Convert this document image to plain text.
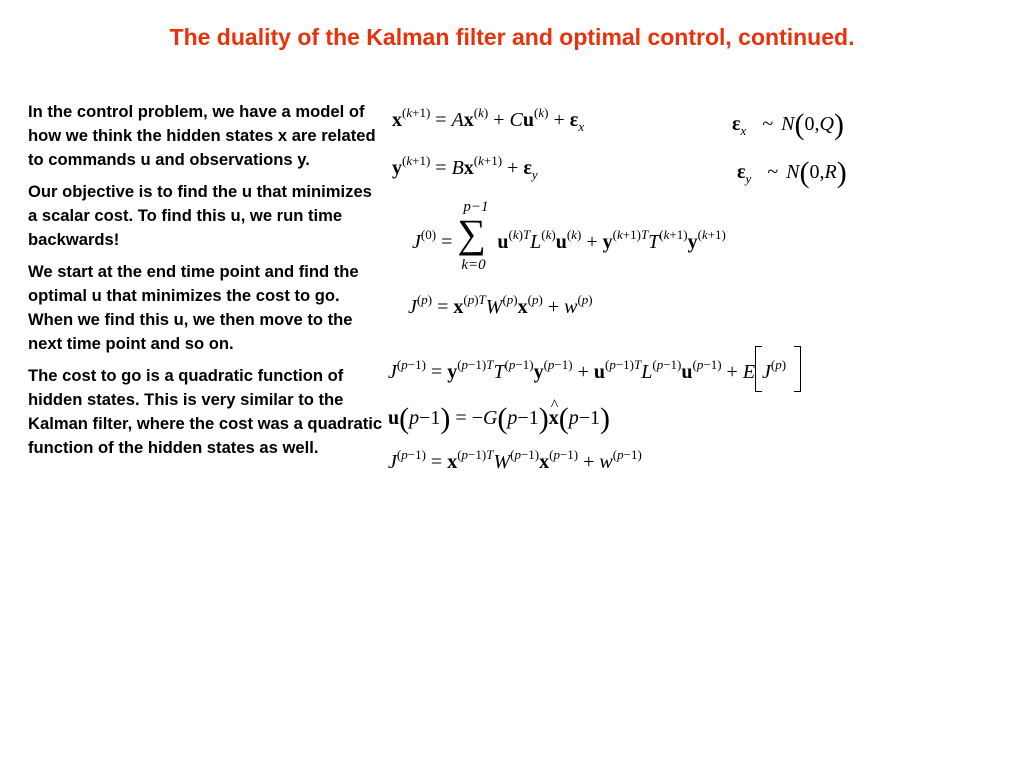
The duality of the Kalman filter and optimal control, continued.

In the control problem, we have a model of how we think the hidden states x are related to commands u and observations y.

Our objective is to find the u that minimizes a scalar cost. To find this u, we run time backwards!

We start at the end time point and find the optimal u that minimizes the cost to go. When we find this u, we then move to the next time point and so on.

The cost to go is a quadratic function of hidden states. This is very similar to the Kalman filter, where the cost was a quadratic function of the hidden states as well.

$x^{(k+1)} = Ax^{(k)} + Cu^{(k)} + \varepsilon_x$	$\varepsilon_x$ ~ N(0,Q)
$y^{(k+1)} = Bx^{(k+1)} + \varepsilon_y$	$\varepsilon_y$ ~ N(0,R)
$J^{(0)}$ = ∑
p−1
k=0
$u^{(k)T}L^{(k)}u^{(k)} + y^{(k+1)T}T^{(k+1)}y^{(k+1)}$
$J^{(p)} = x^{(p)T}W^{(p)}x^{(p)} + w^{(p)}$
$J^{(p-1)} = y^{(p-1)T}T^{(p-1)}y^{(p-1)} + u^{(p-1)T}L^{(p-1)}u^{(p-1)} + E$ $J^{(p)}$
u(p−1) = −G(p−1)^ x(p−1)
$J^{(p-1)} = x^{(p-1)T}W^{(p-1)}x^{(p-1)} + w^{(p-1)}$
